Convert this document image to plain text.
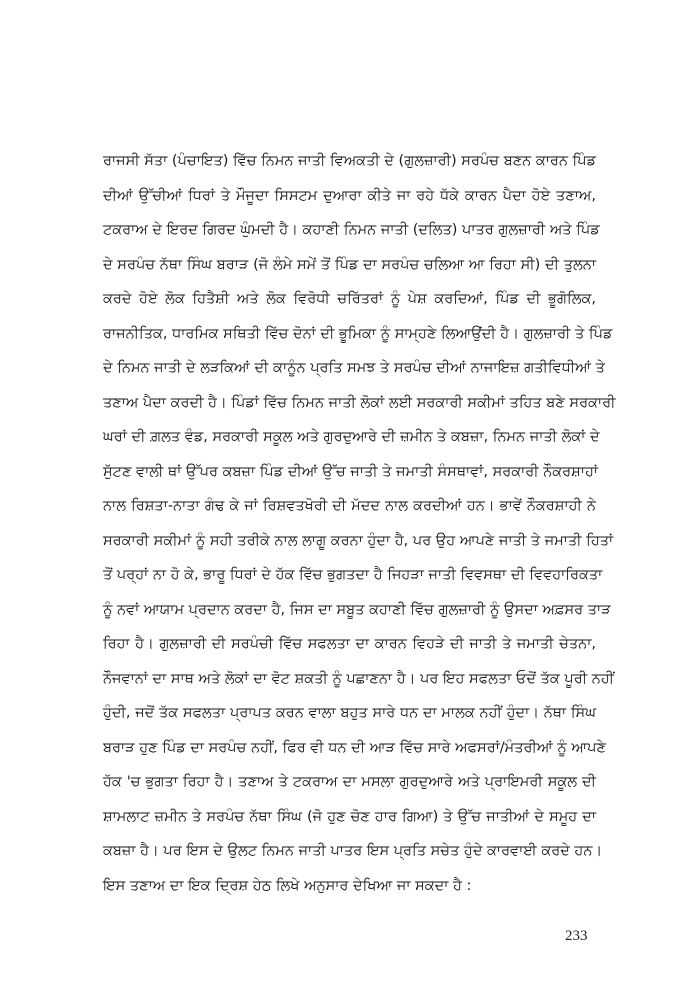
ਰਾਜਸੀ ਸੱਤਾ (ਪੰਚਾਇਤ) ਵਿੱਚ ਨਿਮਨ ਜਾਤੀ ਵਿਅਕਤੀ ਦੇ (ਗੁਲਜ਼ਾਰੀ) ਸਰਪੰਚ ਬਣਨ ਕਾਰਨ ਪਿੰਡ
ਦੀਆਂ ਉੱਚੀਆਂ ਧਿਰਾਂ ਤੇ ਮੌਜੂਦਾ ਸਿਸਟਮ ਦੁਆਰਾ ਕੀਤੇ ਜਾ ਰਹੇ ਧੱਕੇ ਕਾਰਨ ਪੈਦਾ ਹੋਏ ਤਣਾਅ,
ਟਕਰਾਅ ਦੇ ਇਰਦ ਗਿਰਦ ਘੁੰਮਦੀ ਹੈ। ਕਹਾਣੀ ਨਿਮਨ ਜਾਤੀ (ਦਲਿਤ) ਪਾਤਰ ਗੁਲਜ਼ਾਰੀ ਅਤੇ ਪਿੰਡ
ਦੇ ਸਰਪੰਚ ਨੱਥਾ ਸਿੰਘ ਬਰਾੜ (ਜੋ ਲੰਮੇ ਸਮੇਂ ਤੋਂ ਪਿੰਡ ਦਾ ਸਰਪੰਚ ਚਲਿਆ ਆ ਰਿਹਾ ਸੀ) ਦੀ ਤੁਲਨਾ
ਕਰਦੇ ਹੋਏ ਲੋਕ ਹਿਤੈਸ਼ੀ ਅਤੇ ਲੋਕ ਵਿਰੋਧੀ ਚਰਿੱਤਰਾਂ ਨੂੰ ਪੇਸ਼ ਕਰਦਿਆਂ, ਪਿੰਡ ਦੀ ਭੂਗੋਲਿਕ,
ਰਾਜਨੀਤਿਕ, ਧਾਰਮਿਕ ਸਥਿਤੀ ਵਿੱਚ ਦੋਨਾਂ ਦੀ ਭੂਮਿਕਾ ਨੂੰ ਸਾਮ੍ਹਣੇ ਲਿਆਉਂਦੀ ਹੈ। ਗੁਲਜ਼ਾਰੀ ਤੇ ਪਿੰਡ
ਦੇ ਨਿਮਨ ਜਾਤੀ ਦੇ ਲੜਕਿਆਂ ਦੀ ਕਾਨੂੰਨ ਪ੍ਰਤਿ ਸਮਝ ਤੇ ਸਰਪੰਚ ਦੀਆਂ ਨਾਜਾਇਜ਼ ਗਤੀਵਿਧੀਆਂ ਤੇ
ਤਣਾਅ ਪੈਦਾ ਕਰਦੀ ਹੈ। ਪਿੰਡਾਂ ਵਿੱਚ ਨਿਮਨ ਜਾਤੀ ਲੋਕਾਂ ਲਈ ਸਰਕਾਰੀ ਸਕੀਮਾਂ ਤਹਿਤ ਬਣੇ ਸਰਕਾਰੀ
ਘਰਾਂ ਦੀ ਗ਼ਲਤ ਵੰਡ, ਸਰਕਾਰੀ ਸਕੂਲ ਅਤੇ ਗੁਰਦੁਆਰੇ ਦੀ ਜ਼ਮੀਨ ਤੇ ਕਬਜ਼ਾ, ਨਿਮਨ ਜਾਤੀ ਲੋਕਾਂ ਦੇ
ਸੁੱਟਣ ਵਾਲੀ ਥਾਂ ਉੱਪਰ ਕਬਜ਼ਾ ਪਿੰਡ ਦੀਆਂ ਉੱਚ ਜਾਤੀ ਤੇ ਜਮਾਤੀ ਸੰਸਥਾਵਾਂ, ਸਰਕਾਰੀ ਨੌਕਰਸ਼ਾਹਾਂ
ਨਾਲ ਰਿਸ਼ਤਾ-ਨਾਤਾ ਗੰਢ ਕੇ ਜਾਂ ਰਿਸ਼ਵਤਖੋਰੀ ਦੀ ਮੱਦਦ ਨਾਲ ਕਰਦੀਆਂ ਹਨ। ਭਾਵੇਂ ਨੌਕਰਸ਼ਾਹੀ ਨੇ
ਸਰਕਾਰੀ ਸਕੀਮਾਂ ਨੂੰ ਸਹੀ ਤਰੀਕੇ ਨਾਲ ਲਾਗੂ ਕਰਨਾ ਹੁੰਦਾ ਹੈ, ਪਰ ਉਹ ਆਪਣੇ ਜਾਤੀ ਤੇ ਜਮਾਤੀ ਹਿਤਾਂ
ਤੋਂ ਪਰ੍ਹਾਂ ਨਾ ਹੋ ਕੇ, ਭਾਰੂ ਧਿਰਾਂ ਦੇ ਹੱਕ ਵਿੱਚ ਭੁਗਤਦਾ ਹੈ ਜਿਹੜਾ ਜਾਤੀ ਵਿਵਸਥਾ ਦੀ ਵਿਵਹਾਰਿਕਤਾ
ਨੂੰ ਨਵਾਂ ਆਯਾਮ ਪ੍ਰਦਾਨ ਕਰਦਾ ਹੈ, ਜਿਸ ਦਾ ਸਬੂਤ ਕਹਾਣੀ ਵਿੱਚ ਗੁਲਜ਼ਾਰੀ ਨੂੰ ਉਸਦਾ ਅਫ਼ਸਰ ਤਾੜ
ਰਿਹਾ ਹੈ। ਗੁਲਜ਼ਾਰੀ ਦੀ ਸਰਪੰਚੀ ਵਿੱਚ ਸਫਲਤਾ ਦਾ ਕਾਰਨ ਵਿਹੜੇ ਦੀ ਜਾਤੀ ਤੇ ਜਮਾਤੀ ਚੇਤਨਾ,
ਨੌਜਵਾਨਾਂ ਦਾ ਸਾਥ ਅਤੇ ਲੋਕਾਂ ਦਾ ਵੋਟ ਸ਼ਕਤੀ ਨੂੰ ਪਛਾਣਨਾ ਹੈ। ਪਰ ਇਹ ਸਫਲਤਾ ਓਦੋਂ ਤੱਕ ਪੂਰੀ ਨਹੀਂ
ਹੁੰਦੀ, ਜਦੋਂ ਤੱਕ ਸਫਲਤਾ ਪ੍ਰਾਪਤ ਕਰਨ ਵਾਲਾ ਬਹੁਤ ਸਾਰੇ ਧਨ ਦਾ ਮਾਲਕ ਨਹੀਂ ਹੁੰਦਾ। ਨੱਥਾ ਸਿੰਘ
ਬਰਾੜ ਹੁਣ ਪਿੰਡ ਦਾ ਸਰਪੰਚ ਨਹੀਂ, ਫਿਰ ਵੀ ਧਨ ਦੀ ਆੜ ਵਿੱਚ ਸਾਰੇ ਅਫਸਰਾਂ/ਮੰਤਰੀਆਂ ਨੂੰ ਆਪਣੇ
ਹੱਕ 'ਚ ਭੁਗਤਾ ਰਿਹਾ ਹੈ। ਤਣਾਅ ਤੇ ਟਕਰਾਅ ਦਾ ਮਸਲਾ ਗੁਰਦੁਆਰੇ ਅਤੇ ਪ੍ਰਾਇਮਰੀ ਸਕੂਲ ਦੀ
ਸ਼ਾਮਲਾਟ ਜ਼ਮੀਨ ਤੇ ਸਰਪੰਚ ਨੱਥਾ ਸਿੰਘ (ਜੋ ਹੁਣ ਚੋਣ ਹਾਰ ਗਿਆ) ਤੇ ਉੱਚ ਜਾਤੀਆਂ ਦੇ ਸਮੂਹ ਦਾ
ਕਬਜ਼ਾ ਹੈ। ਪਰ ਇਸ ਦੇ ਉਲਟ ਨਿਮਨ ਜਾਤੀ ਪਾਤਰ ਇਸ ਪ੍ਰਤਿ ਸਚੇਤ ਹੁੰਦੇ ਕਾਰਵਾਈ ਕਰਦੇ ਹਨ।
ਇਸ ਤਣਾਅ ਦਾ ਇਕ ਦ੍ਰਿਸ਼ ਹੇਠ ਲਿਖੇ ਅਨੁਸਾਰ ਦੇਖਿਆ ਜਾ ਸਕਦਾ ਹੈ :
233
